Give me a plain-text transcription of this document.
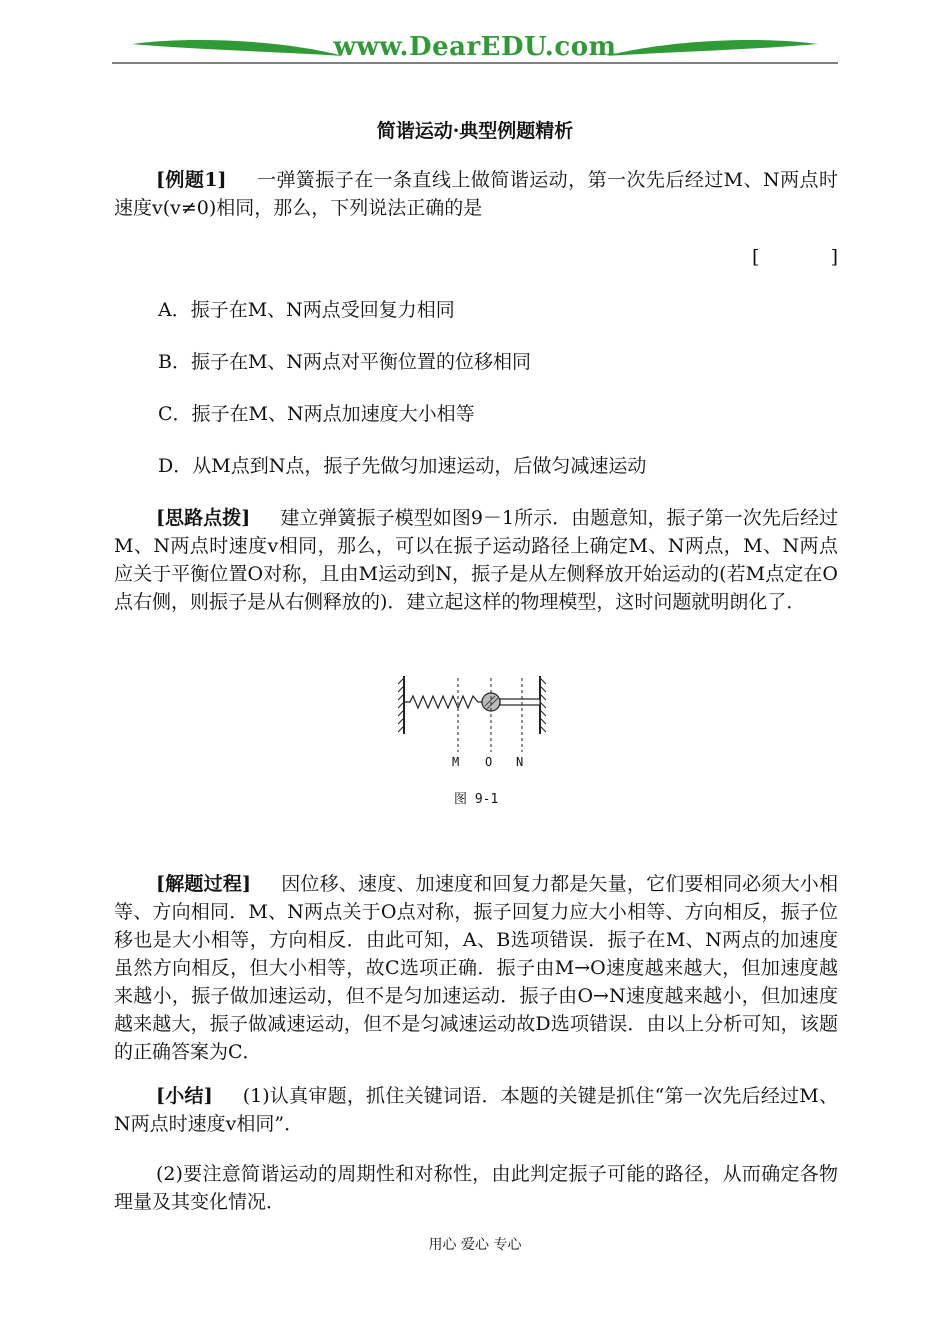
www.DearEDU.com
简谐运动·典型例题精析
[例题1] 一弹簧振子在一条直线上做简谐运动，第一次先后经过M、N两点时速度v(v≠0)相同，那么，下列说法正确的是
[	]
A．振子在M、N两点受回复力相同
B．振子在M、N两点对平衡位置的位移相同
C．振子在M、N两点加速度大小相等
D．从M点到N点，振子先做匀加速运动，后做匀减速运动
[思路点拨] 建立弹簧振子模型如图9－1所示．由题意知，振子第一次先后经过M、N两点时速度v相同，那么，可以在振子运动路径上确定M、N两点，M、N两点应关于平衡位置O对称，且由M运动到N，振子是从左侧释放开始运动的(若M点定在O点右侧，则振子是从右侧释放的)．建立起这样的物理模型，这时问题就明朗化了．
M O N
图 9-1
[解题过程] 因位移、速度、加速度和回复力都是矢量，它们要相同必须大小相等、方向相同．M、N两点关于O点对称，振子回复力应大小相等、方向相反，振子位移也是大小相等，方向相反．由此可知，A、B选项错误．振子在M、N两点的加速度虽然方向相反，但大小相等，故C选项正确．振子由M→O速度越来越大，但加速度越来越小，振子做加速运动，但不是匀加速运动．振子由O→N速度越来越小，但加速度越来越大，振子做减速运动，但不是匀减速运动故D选项错误．由以上分析可知，该题的正确答案为C．
[小结] (1)认真审题，抓住关键词语．本题的关键是抓住“第一次先后经过M、N两点时速度v相同”．
(2)要注意简谐运动的周期性和对称性，由此判定振子可能的路径，从而确定各物理量及其变化情况．
用心 爱心 专心
